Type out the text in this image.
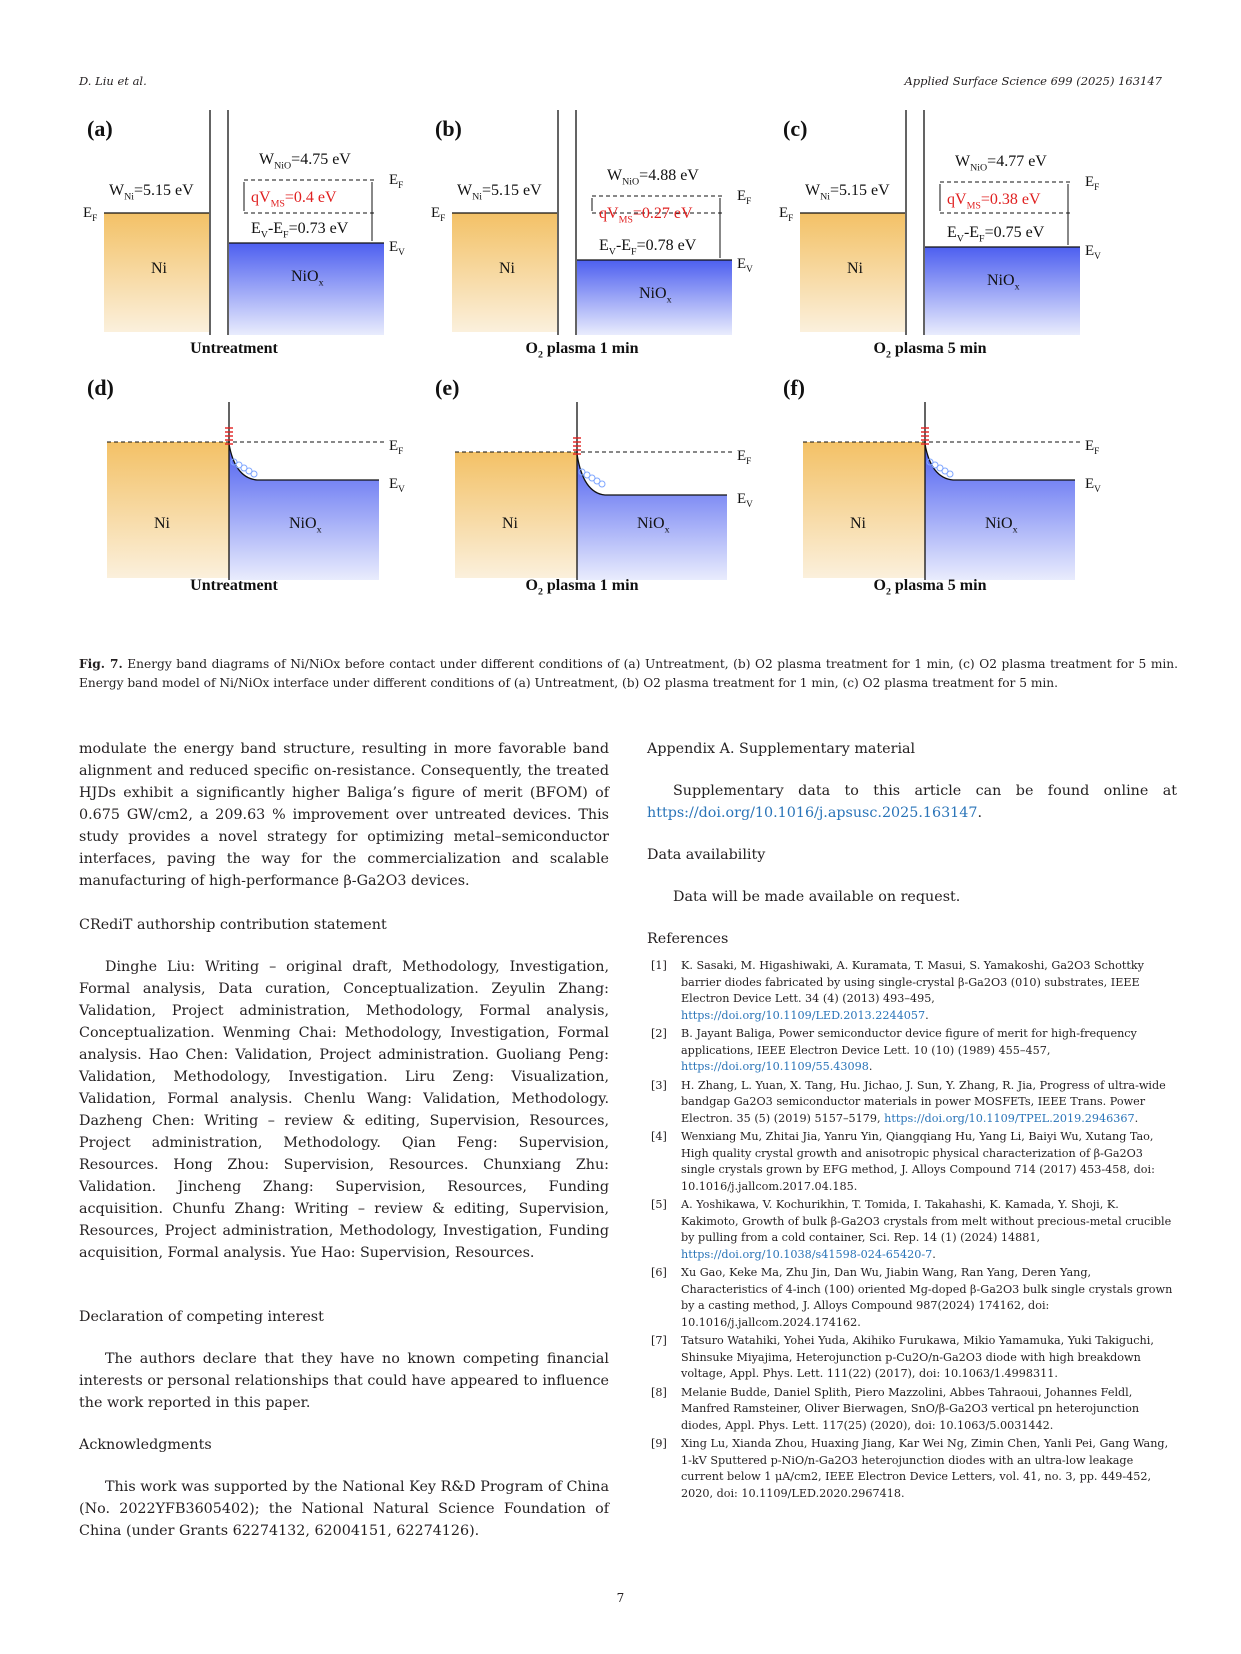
D. Liu et al.	Applied Surface Science 699 (2025) 163147
(a)
$W_{Ni}=5.15$ eV
$W_{NiO}=4.75$ eV
$qV_{MS}=0.4$ eV
$E_V-E_F=0.73$ eV
$E_F$
$E_F$
$E_V$
Ni	NiO$_x$
Untreatment
(b)
$W_{Ni}=5.15$ eV
$W_{NiO}=4.88$ eV
$qV_{MS}=0.27$ eV
$E_V-E_F=0.78$ eV
$E_F$
$E_F$
$E_V$
Ni
NiO$_x$
$O_2$ plasma 1 min
(c)
$W_{Ni}=5.15$ eV
$W_{NiO}=4.77$ eV
$qV_{MS}=0.38$ eV
$E_V-E_F=0.75$ eV
$E_F$
$E_F$
$E_V$
Ni
NiO$_x$
$O_2$ plasma 5 min
(d)
$E_F$
$E_V$
Ni	NiO$_x$
Untreatment
(e)
$E_F$
$E_V$
Ni	NiO$_x$
$O_2$ plasma 1 min
(f)
$E_F$
$E_V$
Ni	NiO$_x$
$O_2$ plasma 5 min
Fig. 7. Energy band diagrams of Ni/NiOx before contact under different conditions of (a) Untreatment, (b) O2 plasma treatment for 1 min, (c) O2 plasma treatment for 5 min. Energy band model of Ni/NiOx interface under different conditions of (a) Untreatment, (b) O2 plasma treatment for 1 min, (c) O2 plasma treatment for 5 min.

modulate the energy band structure, resulting in more favorable band alignment and reduced specific on-resistance. Consequently, the treated HJDs exhibit a significantly higher Baliga’s figure of merit (BFOM) of 0.675 GW/cm2, a 209.63 % improvement over untreated devices. This study provides a novel strategy for optimizing metal–semiconductor interfaces, paving the way for the commercialization and scalable manufacturing of high-performance β-Ga2O3 devices.

CRediT authorship contribution statement

Dinghe Liu: Writing – original draft, Methodology, Investigation, Formal analysis, Data curation, Conceptualization. Zeyulin Zhang: Validation, Project administration, Methodology, Formal analysis, Conceptualization. Wenming Chai: Methodology, Investigation, Formal analysis. Hao Chen: Validation, Project administration. Guoliang Peng: Validation, Methodology, Investigation. Liru Zeng: Visualization, Validation, Formal analysis. Chenlu Wang: Validation, Methodology. Dazheng Chen: Writing – review & editing, Supervision, Resources, Project administration, Methodology. Qian Feng: Supervision, Resources. Hong Zhou: Supervision, Resources. Chunxiang Zhu: Validation. Jincheng Zhang: Supervision, Resources, Funding acquisition. Chunfu Zhang: Writing – review & editing, Supervision, Resources, Project administration, Methodology, Investigation, Funding acquisition, Formal analysis. Yue Hao: Supervision, Resources.

Declaration of competing interest

The authors declare that they have no known competing financial interests or personal relationships that could have appeared to influence the work reported in this paper.

Acknowledgments

This work was supported by the National Key R&D Program of China (No. 2022YFB3605402); the National Natural Science Foundation of China (under Grants 62274132, 62004151, 62274126).

Appendix A. Supplementary material

Supplementary data to this article can be found online at https://doi.org/10.1016/j.apsusc.2025.163147.

Data availability

Data will be made available on request.

References
[1] K. Sasaki, M. Higashiwaki, A. Kuramata, T. Masui, S. Yamakoshi, Ga2O3 Schottky barrier diodes fabricated by using single-crystal β-Ga2O3 (010) substrates, IEEE Electron Device Lett. 34 (4) (2013) 493–495, https://doi.org/10.1109/LED.2013.2244057.
[2] B. Jayant Baliga, Power semiconductor device figure of merit for high-frequency applications, IEEE Electron Device Lett. 10 (10) (1989) 455–457, https://doi.org/10.1109/55.43098.
[3] H. Zhang, L. Yuan, X. Tang, Hu. Jichao, J. Sun, Y. Zhang, R. Jia, Progress of ultra-wide bandgap Ga2O3 semiconductor materials in power MOSFETs, IEEE Trans. Power Electron. 35 (5) (2019) 5157–5179, https://doi.org/10.1109/TPEL.2019.2946367.
[4] Wenxiang Mu, Zhitai Jia, Yanru Yin, Qiangqiang Hu, Yang Li, Baiyi Wu, Xutang Tao, High quality crystal growth and anisotropic physical characterization of β-Ga2O3 single crystals grown by EFG method, J. Alloys Compound 714 (2017) 453-458, doi: 10.1016/j.jallcom.2017.04.185.
[5] A. Yoshikawa, V. Kochurikhin, T. Tomida, I. Takahashi, K. Kamada, Y. Shoji, K. Kakimoto, Growth of bulk β-Ga2O3 crystals from melt without precious-metal crucible by pulling from a cold container, Sci. Rep. 14 (1) (2024) 14881, https://doi.org/10.1038/s41598-024-65420-7.
[6] Xu Gao, Keke Ma, Zhu Jin, Dan Wu, Jiabin Wang, Ran Yang, Deren Yang, Characteristics of 4-inch (100) oriented Mg-doped β-Ga2O3 bulk single crystals grown by a casting method, J. Alloys Compound 987(2024) 174162, doi: 10.1016/j.jallcom.2024.174162.
[7] Tatsuro Watahiki, Yohei Yuda, Akihiko Furukawa, Mikio Yamamuka, Yuki Takiguchi, Shinsuke Miyajima, Heterojunction p-Cu2O/n-Ga2O3 diode with high breakdown voltage, Appl. Phys. Lett. 111(22) (2017), doi: 10.1063/1.4998311.
[8] Melanie Budde, Daniel Splith, Piero Mazzolini, Abbes Tahraoui, Johannes Feldl, Manfred Ramsteiner, Oliver Bierwagen, SnO/β-Ga2O3 vertical pn heterojunction diodes, Appl. Phys. Lett. 117(25) (2020), doi: 10.1063/5.0031442.
[9] Xing Lu, Xianda Zhou, Huaxing Jiang, Kar Wei Ng, Zimin Chen, Yanli Pei, Gang Wang, 1-kV Sputtered p-NiO/n-Ga2O3 heterojunction diodes with an ultra-low leakage current below 1 μA/cm2, IEEE Electron Device Letters, vol. 41, no. 3, pp. 449-452, 2020, doi: 10.1109/LED.2020.2967418.
7
